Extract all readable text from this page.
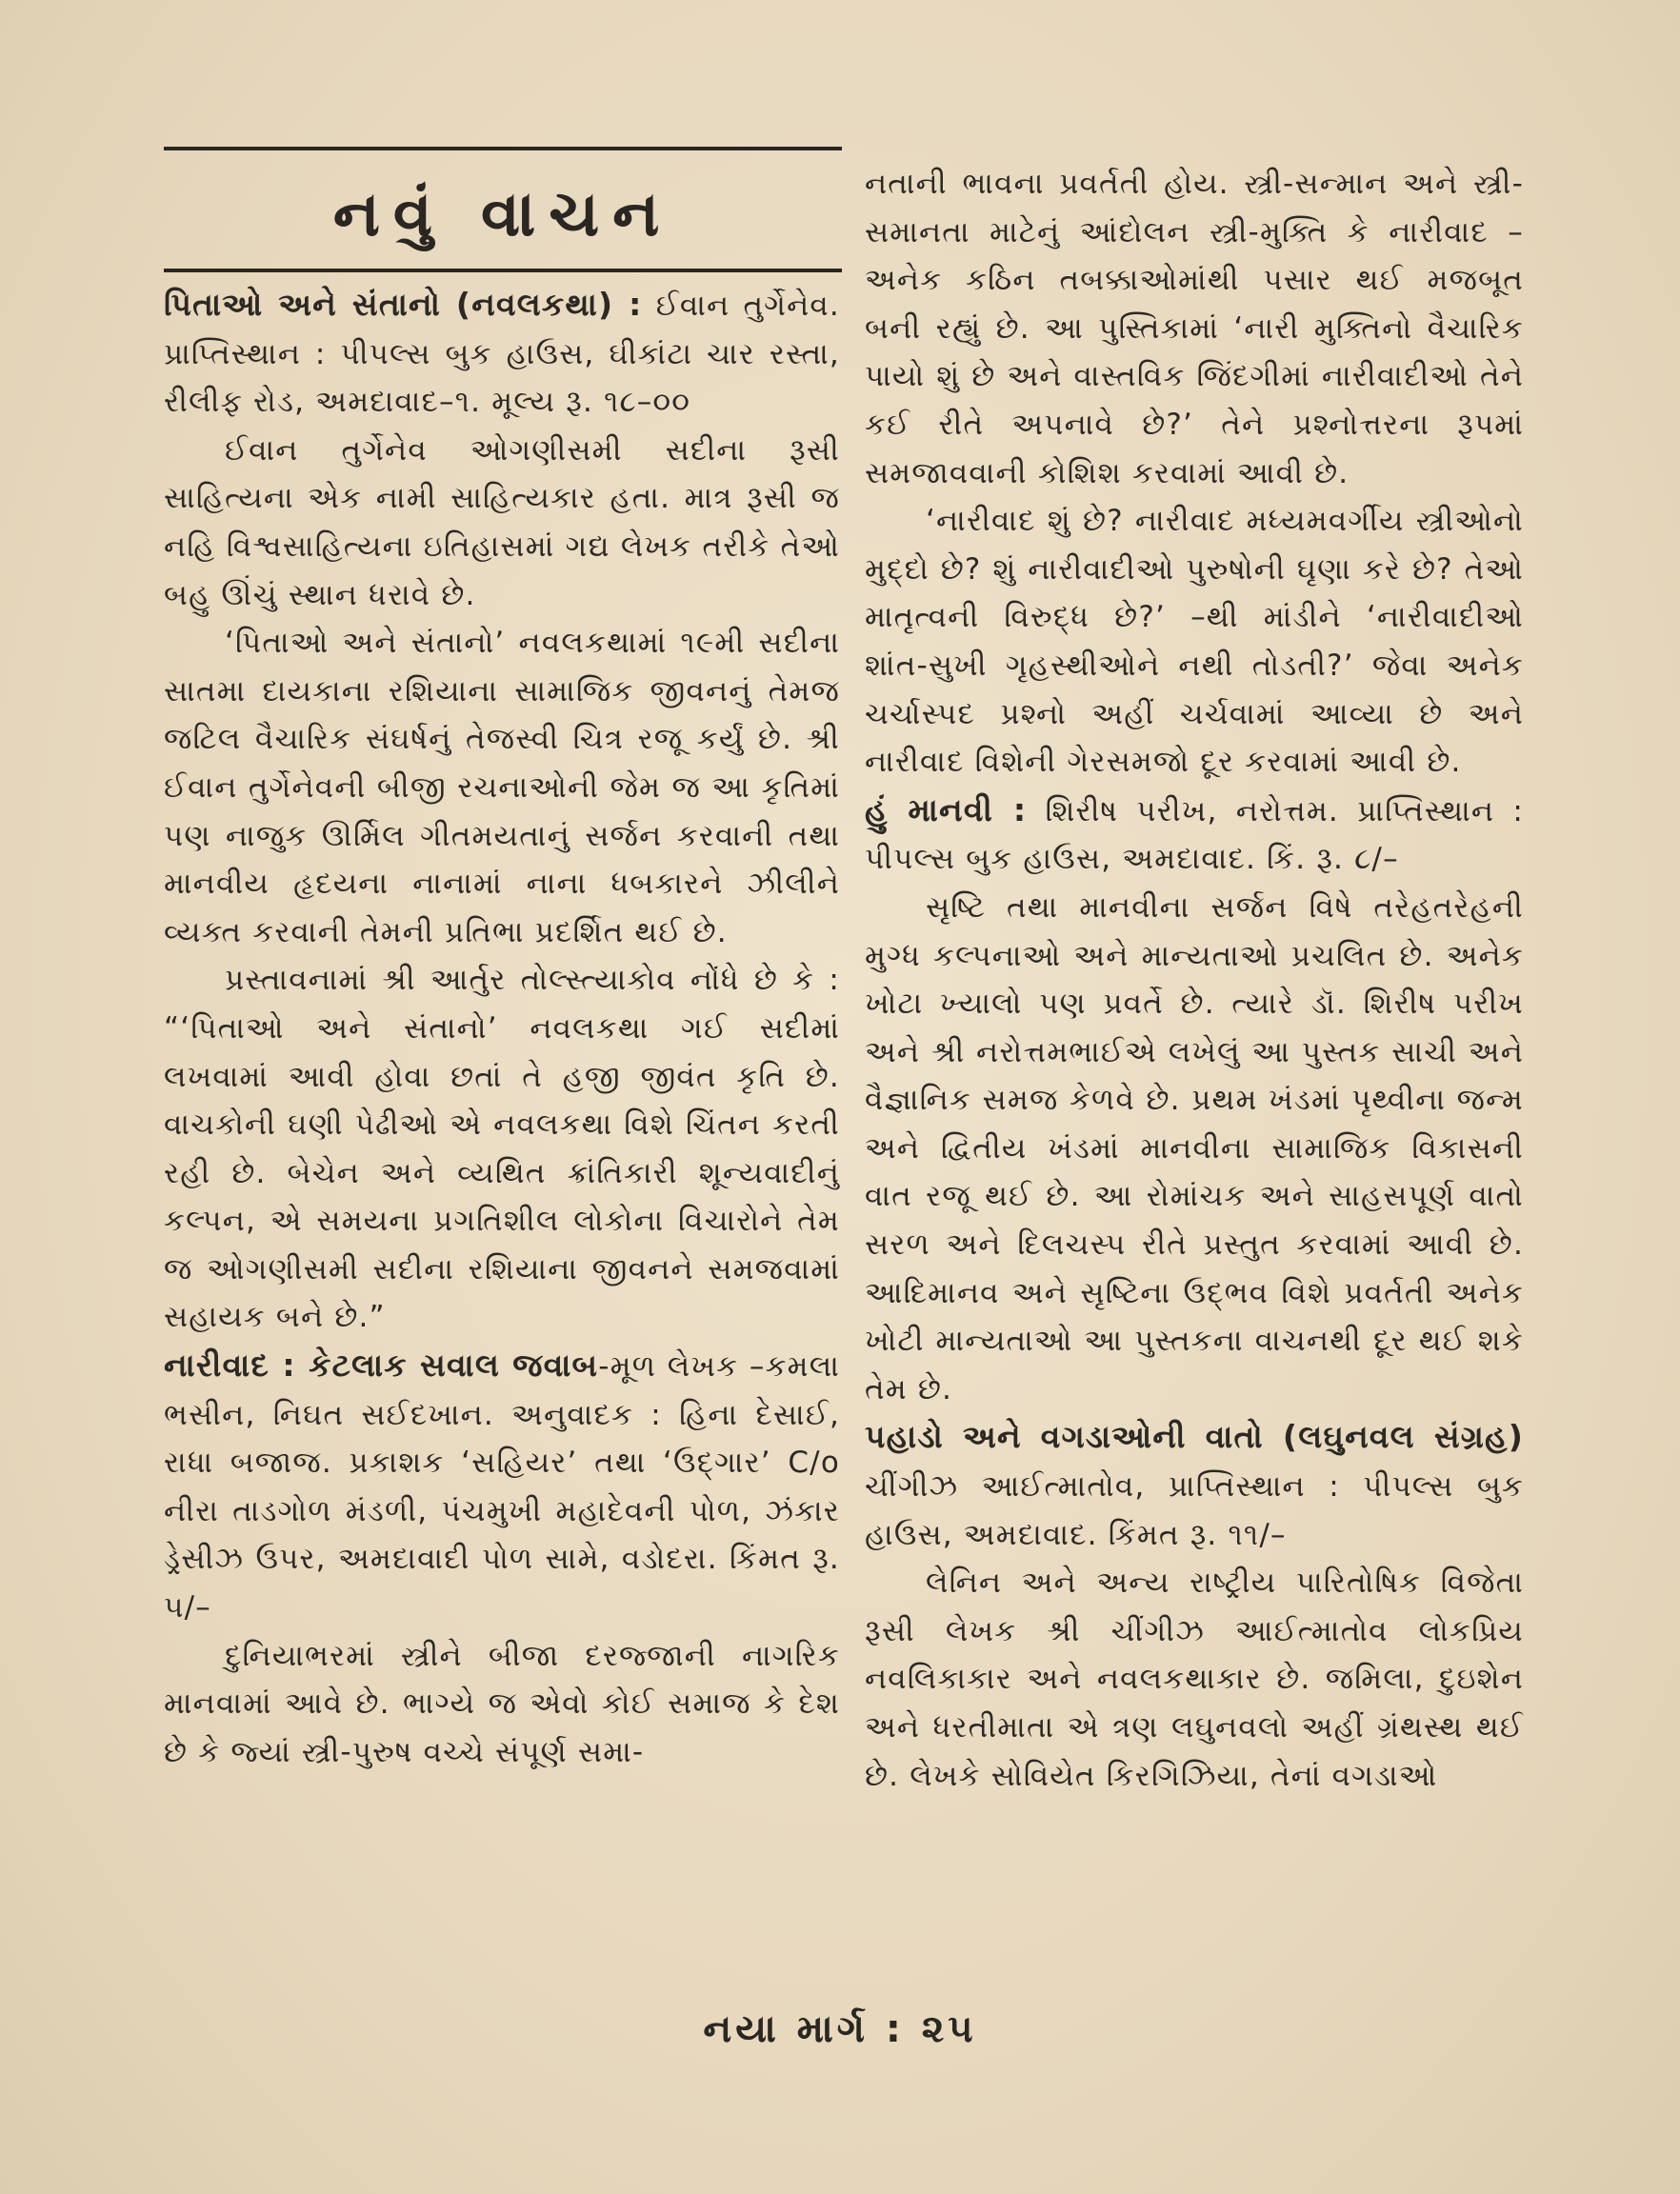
નવું વાચન

પિતાઓ અને સંતાનો (નવલકથા) : ઈવાન તુર્ગેનેવ. પ્રાપ્તિસ્થાન : પીપલ્સ બુક હાઉસ, ઘીકાંટા ચાર રસ્તા, રીલીફ રોડ, અમદાવાદ–૧. મૂલ્ય રૂ. ૧૮–૦૦

ઈવાન તુર્ગેનેવ ઓગણીસમી સદીના રૂસી સાહિત્યના એક નામી સાહિત્યકાર હતા. માત્ર રૂસી જ નહિ વિશ્વસાહિત્યના ઇતિહાસમાં ગદ્ય લેખક તરીકે તેઓ બહુ ઊંચું સ્થાન ધરાવે છે.

‘પિતાઓ અને સંતાનો’ નવલકથામાં ૧૯મી સદીના સાતમા દાયકાના રશિયાના સામાજિક જીવનનું તેમજ જટિલ વૈચારિક સંઘર્ષનું તેજસ્વી ચિત્ર રજૂ કર્યું છે. શ્રી ઈવાન તુર્ગેનેવની બીજી રચનાઓની જેમ જ આ કૃતિમાં પણ નાજુક ઊર્મિલ ગીતમયતાનું સર્જન કરવાની તથા માનવીય હૃદયના નાનામાં નાના ધબકારને ઝીલીને વ્યક્ત કરવાની તેમની પ્રતિભા પ્રદર્શિત થઈ છે.

પ્રસ્તાવનામાં શ્રી આર્તુર તોલ્સ્ત્યાકોવ નોંધે છે કે : “‘પિતાઓ અને સંતાનો’ નવલકથા ગઈ સદીમાં લખવામાં આવી હોવા છતાં તે હજી જીવંત કૃતિ છે. વાચકોની ઘણી પેઢીઓ એ નવલકથા વિશે ચિંતન કરતી રહી છે. બેચેન અને વ્યથિત ક્રાંતિકારી શૂન્યવાદીનું કલ્પન, એ સમયના પ્રગતિશીલ લોકોના વિચારોને તેમ જ ઓગણીસમી સદીના રશિયાના જીવનને સમજવામાં સહાયક બને છે.”

નારીવાદ : કેટલાક સવાલ જવાબ-મૂળ લેખક –કમલા ભસીન, નિઘત સઈદખાન. અનુવાદક : હિના દેસાઈ, રાધા બજાજ. પ્રકાશક ‘સહિયર’ તથા ‘ઉદ્ગાર’ C/o નીરા તાડગોળ મંડળી, પંચમુખી મહાદેવની પોળ, ઝંકાર ડ્રેસીઝ ઉપર, અમદાવાદી પોળ સામે, વડોદરા. કિંમત રૂ. ૫/–

દુનિયાભરમાં સ્ત્રીને બીજા દરજ્જાની નાગરિક માનવામાં આવે છે. ભાગ્યે જ એવો કોઈ સમાજ કે દેશ છે કે જ્યાં સ્ત્રી-પુરુષ વચ્ચે સંપૂર્ણ સમા-

નતાની ભાવના પ્રવર્તતી હોય. સ્ત્રી-સન્માન અને સ્ત્રી-સમાનતા માટેનું આંદોલન સ્ત્રી-મુક્તિ કે નારીવાદ – અનેક કઠિન તબક્કાઓમાંથી પસાર થઈ મજબૂત બની રહ્યું છે. આ પુસ્તિકામાં ‘નારી મુક્તિનો વૈચારિક પાયો શું છે અને વાસ્તવિક જિંદગીમાં નારીવાદીઓ તેને કઈ રીતે અપનાવે છે?’ તેને પ્રશ્નોત્તરના રૂપમાં સમજાવવાની કોશિશ કરવામાં આવી છે.

‘નારીવાદ શું છે? નારીવાદ મધ્યમવર્ગીય સ્ત્રીઓનો મુદ્દો છે? શું નારીવાદીઓ પુરુષોની ઘૃણા કરે છે? તેઓ માતૃત્વની વિરુદ્ધ છે?’ –થી માંડીને ‘નારીવાદીઓ શાંત-સુખી ગૃહસ્થીઓને નથી તોડતી?’ જેવા અનેક ચર્ચાસ્પદ પ્રશ્નો અહીં ચર્ચવામાં આવ્યા છે અને નારીવાદ વિશેની ગેરસમજો દૂર કરવામાં આવી છે.

હું માનવી : શિરીષ પરીખ, નરોત્તમ. પ્રાપ્તિસ્થાન : પીપલ્સ બુક હાઉસ, અમદાવાદ. કિં. રૂ. ૮/–

સૃષ્ટિ તથા માનવીના સર્જન વિષે તરેહતરેહની મુગ્ધ કલ્પનાઓ અને માન્યતાઓ પ્રચલિત છે. અનેક ખોટા ખ્યાલો પણ પ્રવર્તે છે. ત્યારે ડૉ. શિરીષ પરીખ અને શ્રી નરોત્તમભાઈએ લખેલું આ પુસ્તક સાચી અને વૈજ્ઞાનિક સમજ કેળવે છે. પ્રથમ ખંડમાં પૃથ્વીના જન્મ અને દ્વિતીય ખંડમાં માનવીના સામાજિક વિકાસની વાત રજૂ થઈ છે. આ રોમાંચક અને સાહસપૂર્ણ વાતો સરળ અને દિલચસ્પ રીતે પ્રસ્તુત કરવામાં આવી છે. આદિમાનવ અને સૃષ્ટિના ઉદ્ભવ વિશે પ્રવર્તતી અનેક ખોટી માન્યતાઓ આ પુસ્તકના વાચનથી દૂર થઈ શકે તેમ છે.

પહાડો અને વગડાઓની વાતો (લઘુનવલ સંગ્રહ) ચીંગીઝ આઈત્માતોવ, પ્રાપ્તિસ્થાન : પીપલ્સ બુક હાઉસ, અમદાવાદ. કિંમત રૂ. ૧૧/–

લેનિન અને અન્ય રાષ્ટ્રીય પારિતોષિક વિજેતા રૂસી લેખક શ્રી ચીંગીઝ આઈત્માતોવ લોકપ્રિય નવલિકાકાર અને નવલકથાકાર છે. જમિલા, દુઇશેન અને ધરતીમાતા એ ત્રણ લઘુનવલો અહીં ગ્રંથસ્થ થઈ છે. લેખકે સોવિયેત કિરગિઝિયા, તેનાં વગડાઓ

નયા માર્ગ : ૨૫
